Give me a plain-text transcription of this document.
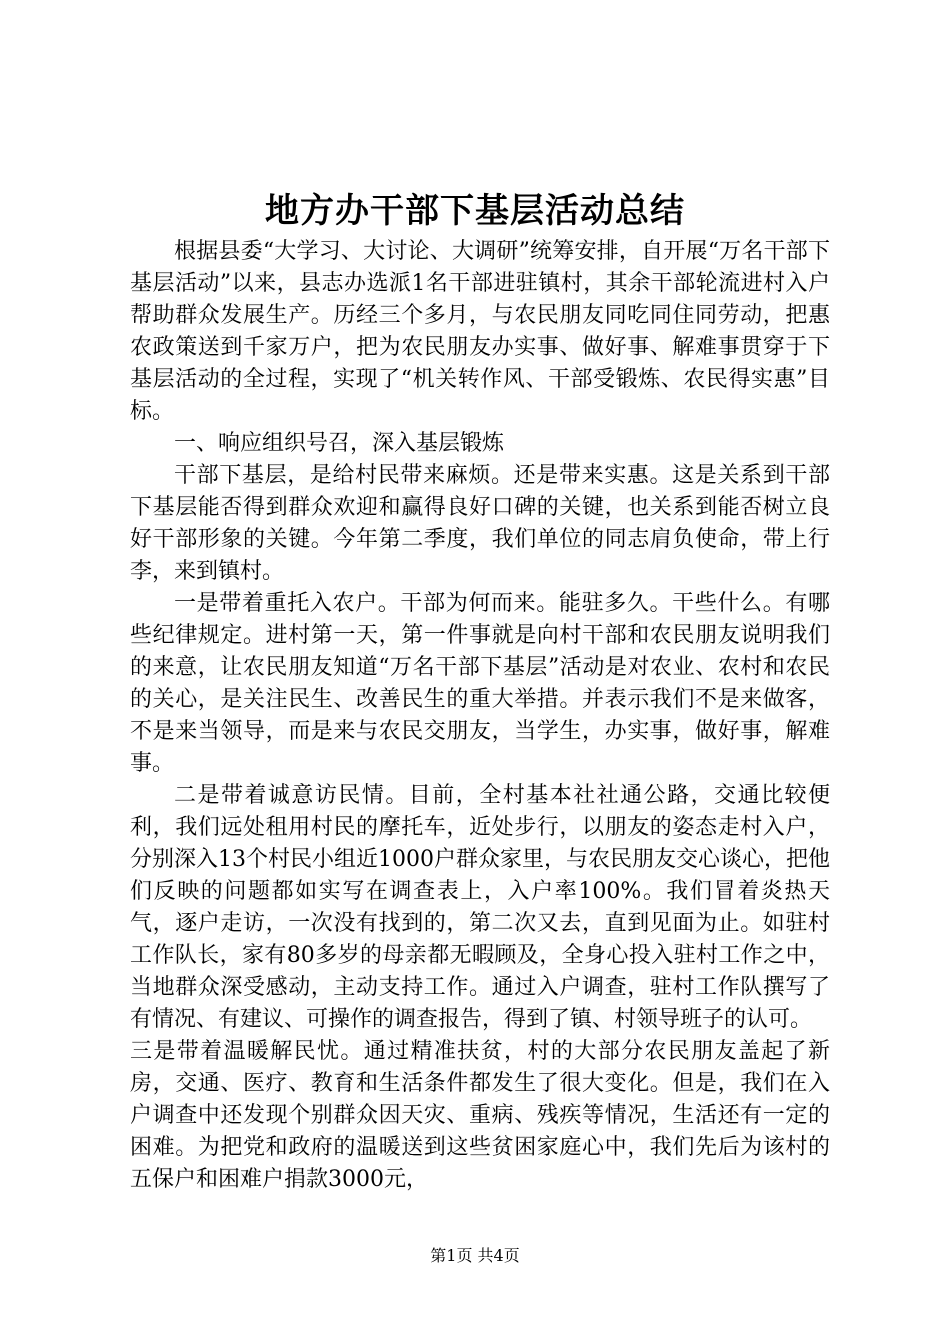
地方办干部下基层活动总结

根据县委“大学习、大讨论、大调研”统筹安排，自开展“万名干部下基层活动”以来，县志办选派1名干部进驻镇村，其余干部轮流进村入户帮助群众发展生产。历经三个多月，与农民朋友同吃同住同劳动，把惠农政策送到千家万户，把为农民朋友办实事、做好事、解难事贯穿于下基层活动的全过程，实现了“机关转作风、干部受锻炼、农民得实惠”目标。

一、响应组织号召，深入基层锻炼

干部下基层，是给村民带来麻烦。还是带来实惠。这是关系到干部下基层能否得到群众欢迎和赢得良好口碑的关键，也关系到能否树立良好干部形象的关键。今年第二季度，我们单位的同志肩负使命，带上行李，来到镇村。

一是带着重托入农户。干部为何而来。能驻多久。干些什么。有哪些纪律规定。进村第一天，第一件事就是向村干部和农民朋友说明我们的来意，让农民朋友知道“万名干部下基层”活动是对农业、农村和农民的关心，是关注民生、改善民生的重大举措。并表示我们不是来做客，不是来当领导，而是来与农民交朋友，当学生，办实事，做好事，解难事。

二是带着诚意访民情。目前，全村基本社社通公路，交通比较便利，我们远处租用村民的摩托车，近处步行，以朋友的姿态走村入户，分别深入13个村民小组近1000户群众家里，与农民朋友交心谈心，把他们反映的问题都如实写在调查表上，入户率100%。我们冒着炎热天气，逐户走访，一次没有找到的，第二次又去，直到见面为止。如驻村工作队长，家有80多岁的母亲都无暇顾及，全身心投入驻村工作之中，当地群众深受感动，主动支持工作。通过入户调查，驻村工作队撰写了有情况、有建议、可操作的调查报告，得到了镇、村领导班子的认可。

三是带着温暖解民忧。通过精准扶贫，村的大部分农民朋友盖起了新房，交通、医疗、教育和生活条件都发生了很大变化。但是，我们在入户调查中还发现个别群众因天灾、重病、残疾等情况，生活还有一定的困难。为把党和政府的温暖送到这些贫困家庭心中，我们先后为该村的五保户和困难户捐款3000元，

第1页 共4页
